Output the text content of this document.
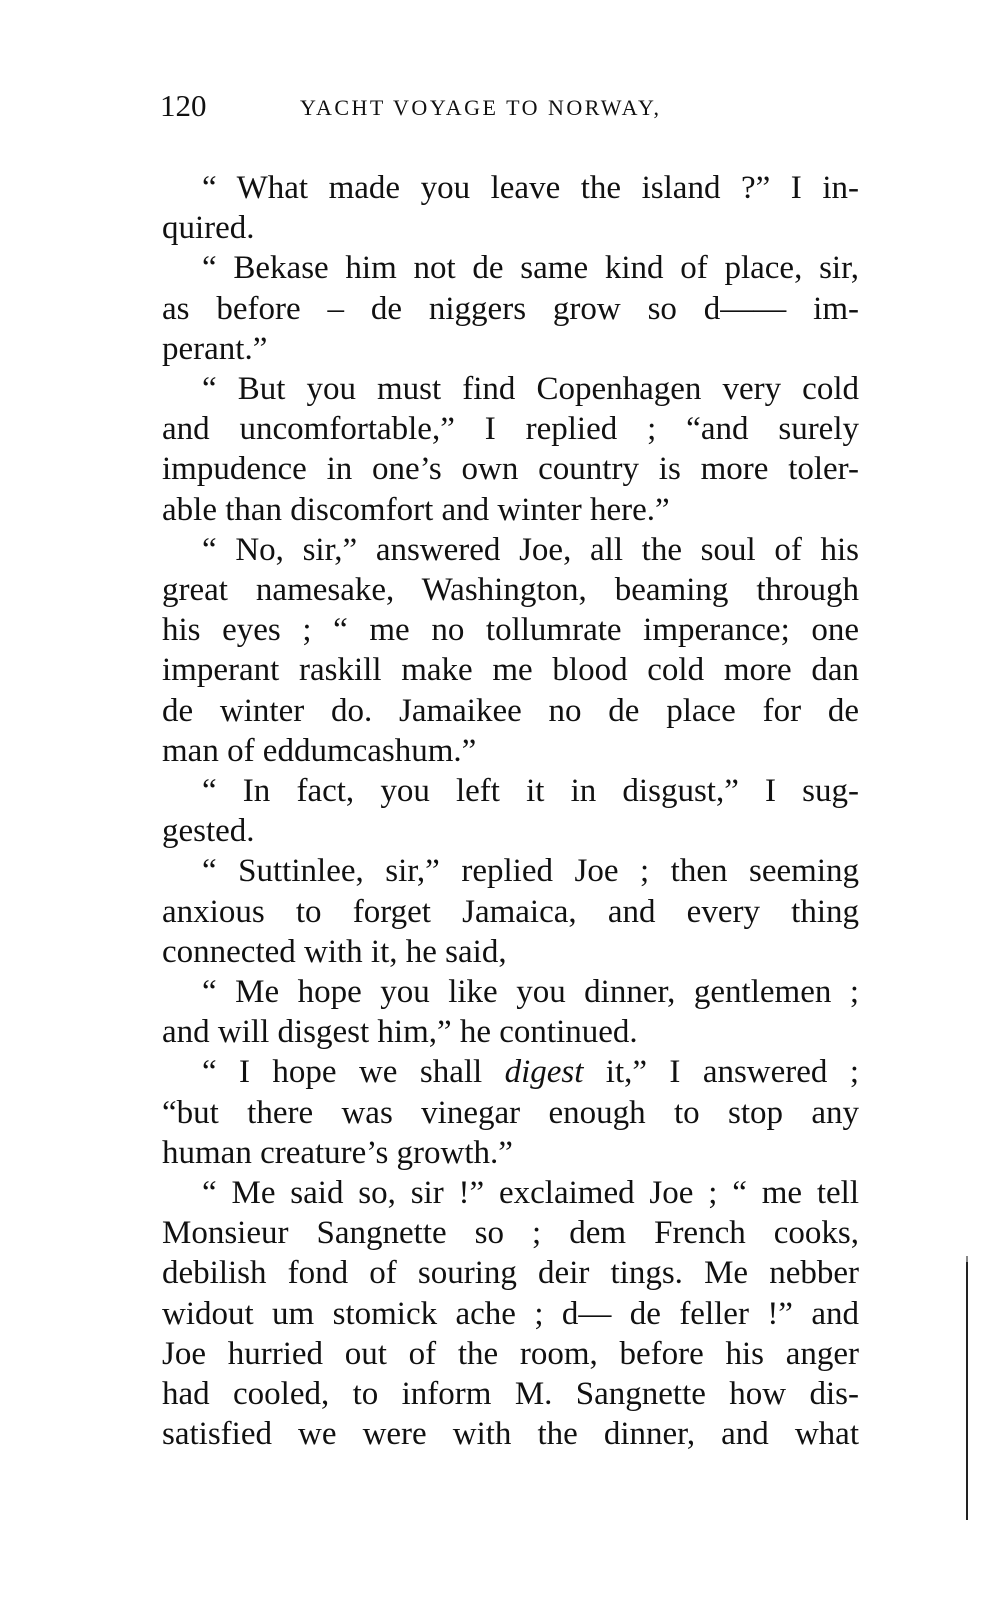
120	YACHT VOYAGE TO NORWAY,
“ What made you leave the island ?” I in-
quired.
“ Bekase him not de same kind of place, sir,
as before – de niggers grow so d—— im-
perant.”
“ But you must find Copenhagen very cold
and uncomfortable,” I replied ; “and surely
impudence in one’s own country is more toler-
able than discomfort and winter here.”
“ No, sir,” answered Joe, all the soul of his
great namesake, Washington, beaming through
his eyes ; “ me no tollumrate imperance; one
imperant raskill make me blood cold more dan
de winter do. Jamaikee no de place for de
man of eddumcashum.”
“ In fact, you left it in disgust,” I sug-
gested.
“ Suttinlee, sir,” replied Joe ; then seeming
anxious to forget Jamaica, and every thing
connected with it, he said,
“ Me hope you like you dinner, gentlemen ;
and will disgest him,” he continued.
“ I hope we shall digest it,” I answered ;
“but there was vinegar enough to stop any
human creature’s growth.”
“ Me said so, sir !” exclaimed Joe ; “ me tell
Monsieur Sangnette so ; dem French cooks,
debilish fond of souring deir tings. Me nebber
widout um stomick ache ; d— de feller !” and
Joe hurried out of the room, before his anger
had cooled, to inform M. Sangnette how dis-
satisfied we were with the dinner, and what
